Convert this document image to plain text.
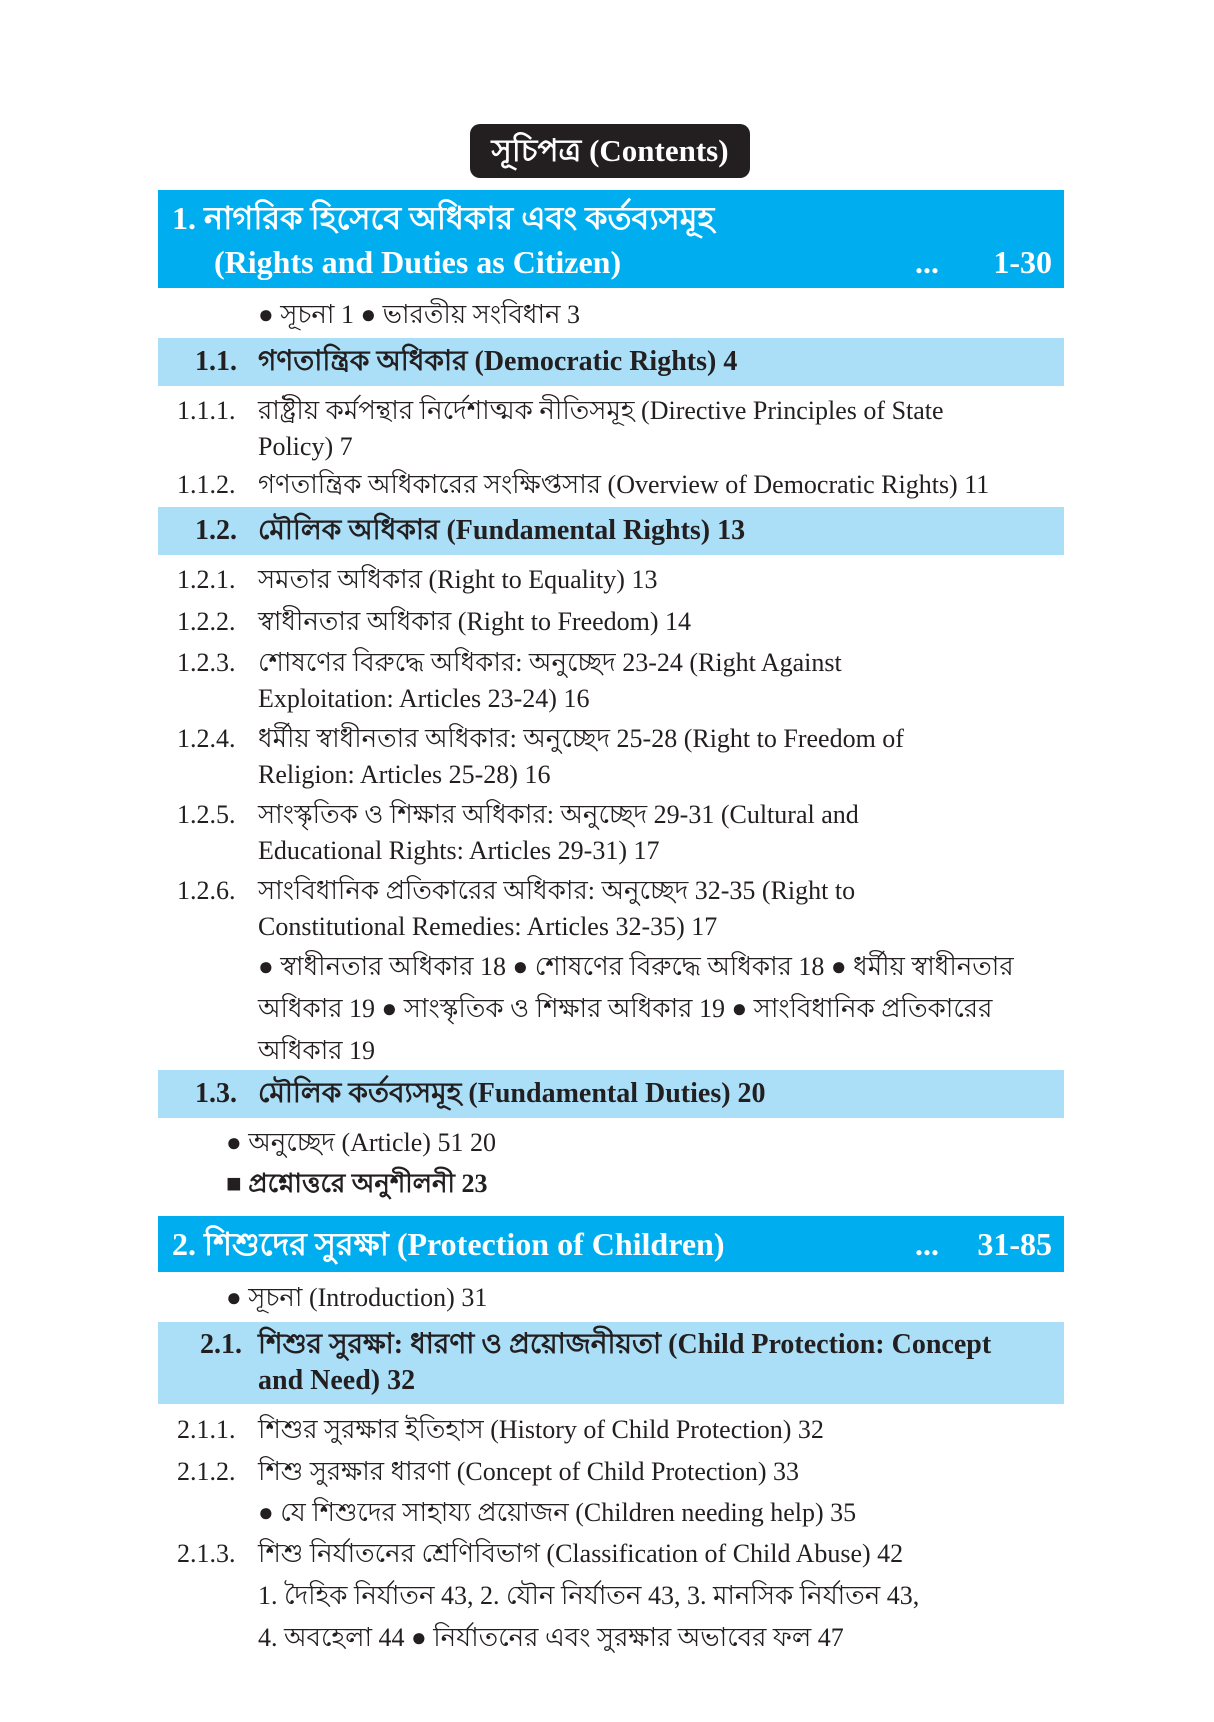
সূচিপত্র (Contents)
1. নাগরিক হিসেবে অধিকার এবং কর্তব্যসমূহ
(Rights and Duties as Citizen)	... 1-30
● সূচনা 1 ● ভারতীয় সংবিধান 3
1.1. গণতান্ত্রিক অধিকার (Democratic Rights) 4
1.1.1. রাষ্ট্রীয় কর্মপন্থার নির্দেশাত্মক নীতিসমূহ (Directive Principles of State
Policy) 7
1.1.2. গণতান্ত্রিক অধিকারের সংক্ষিপ্তসার (Overview of Democratic Rights) 11
1.2. মৌলিক অধিকার (Fundamental Rights) 13
1.2.1. সমতার অধিকার (Right to Equality) 13
1.2.2. স্বাধীনতার অধিকার (Right to Freedom) 14
1.2.3. শোষণের বিরুদ্ধে অধিকার: অনুচ্ছেদ 23-24 (Right Against
Exploitation: Articles 23-24) 16
1.2.4. ধর্মীয় স্বাধীনতার অধিকার: অনুচ্ছেদ 25-28 (Right to Freedom of
Religion: Articles 25-28) 16
1.2.5. সাংস্কৃতিক ও শিক্ষার অধিকার: অনুচ্ছেদ 29-31 (Cultural and
Educational Rights: Articles 29-31) 17
1.2.6. সাংবিধানিক প্রতিকারের অধিকার: অনুচ্ছেদ 32-35 (Right to
Constitutional Remedies: Articles 32-35) 17
● স্বাধীনতার অধিকার 18 ● শোষণের বিরুদ্ধে অধিকার 18 ● ধর্মীয় স্বাধীনতার
অধিকার 19 ● সাংস্কৃতিক ও শিক্ষার অধিকার 19 ● সাংবিধানিক প্রতিকারের
অধিকার 19
1.3. মৌলিক কর্তব্যসমূহ (Fundamental Duties) 20
● অনুচ্ছেদ (Article) 51 20
■ প্রশ্নোত্তরে অনুশীলনী 23
2. শিশুদের সুরক্ষা (Protection of Children)	... 31-85
● সূচনা (Introduction) 31
2.1. শিশুর সুরক্ষা: ধারণা ও প্রয়োজনীয়তা (Child Protection: Concept
and Need) 32
2.1.1. শিশুর সুরক্ষার ইতিহাস (History of Child Protection) 32
2.1.2. শিশু সুরক্ষার ধারণা (Concept of Child Protection) 33
● যে শিশুদের সাহায্য প্রয়োজন (Children needing help) 35
2.1.3. শিশু নির্যাতনের শ্রেণিবিভাগ (Classification of Child Abuse) 42
1. দৈহিক নির্যাতন 43, 2. যৌন নির্যাতন 43, 3. মানসিক নির্যাতন 43,
4. অবহেলা 44 ● নির্যাতনের এবং সুরক্ষার অভাবের ফল 47
